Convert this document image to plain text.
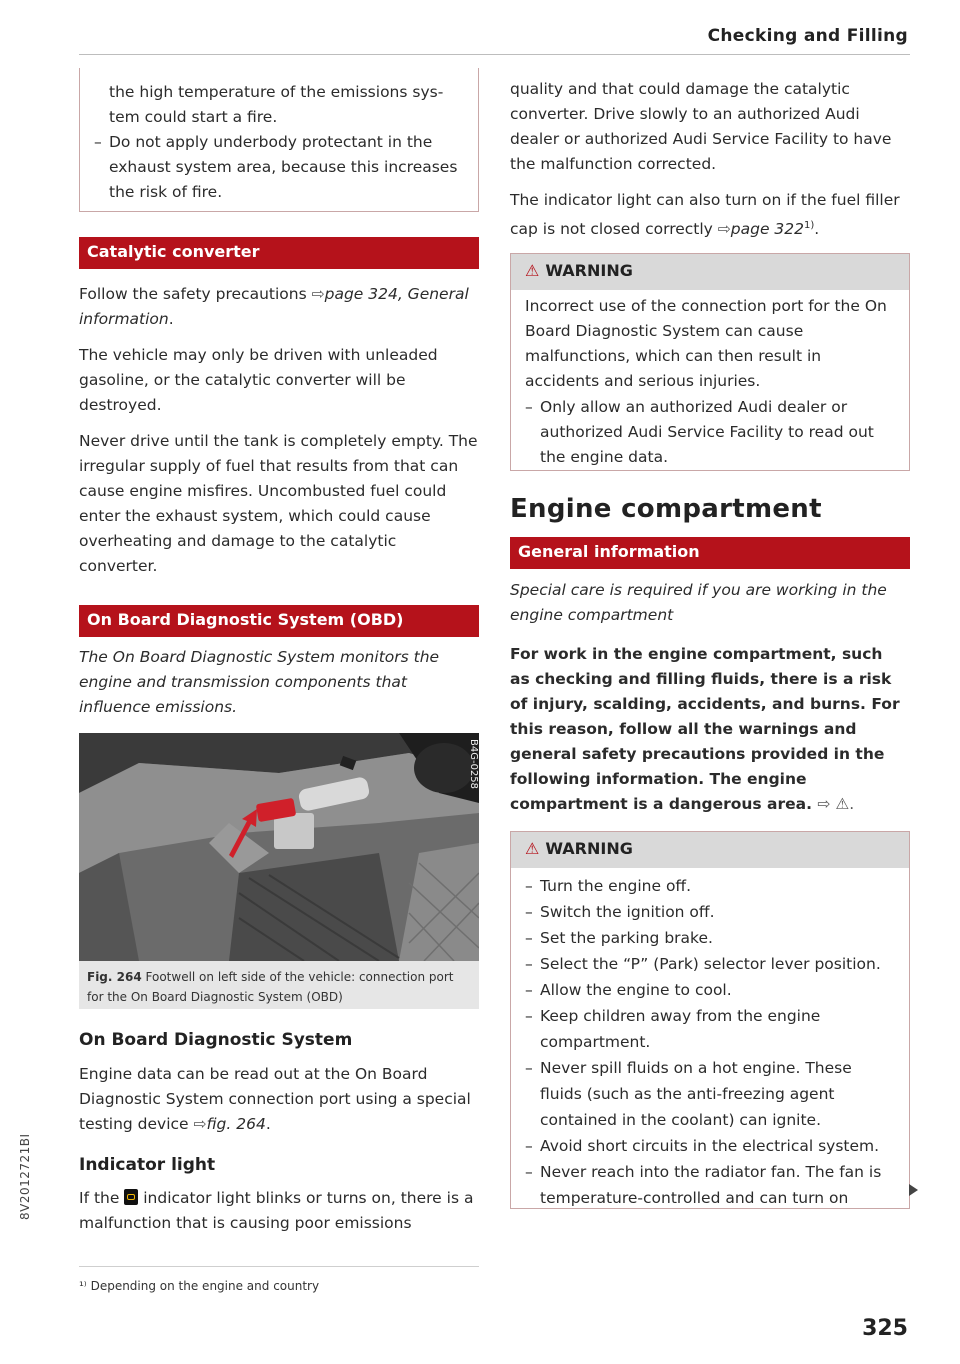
Checking and Filling

the high temperature of the emissions sys-

tem could start a fire.

– Do not apply underbody protectant in the exhaust system area, because this increases the risk of fire.
Catalytic converter

Follow the safety precautions ⇨page 324, General information.

The vehicle may only be driven with unleaded gasoline, or the catalytic converter will be destroyed.

Never drive until the tank is completely empty. The irregular supply of fuel that results from that can cause engine misfires. Uncombusted fuel could enter the exhaust system, which could cause overheating and damage to the catalytic converter.

On Board Diagnostic System (OBD)

The On Board Diagnostic System monitors the engine and transmission components that influence emissions.

B4G-0258
Fig. 264 Footwell on left side of the vehicle: connection port for the On Board Diagnostic System (OBD)
On Board Diagnostic System

Engine data can be read out at the On Board Diagnostic System connection port using a special testing device ⇨fig. 264.

Indicator light

If the  indicator light blinks or turns on, there is a malfunction that is causing poor emissions

¹⁾ Depending on the engine and country

quality and that could damage the catalytic converter. Drive slowly to an authorized Audi dealer or authorized Audi Service Facility to have the malfunction corrected.

The indicator light can also turn on if the fuel filler cap is not closed correctly ⇨page 322$^{1)}$.

⚠ WARNING

Incorrect use of the connection port for the On Board Diagnostic System can cause malfunctions, which can then result in accidents and serious injuries.

– Only allow an authorized Audi dealer or authorized Audi Service Facility to read out the engine data.
Engine compartment
General information

Special care is required if you are working in the engine compartment

For work in the engine compartment, such as checking and filling fluids, there is a risk of injury, scalding, accidents, and burns. For this reason, follow all the warnings and general safety precautions provided in the following information. The engine compartment is a dangerous area. ⇨ ⚠.

⚠ WARNING
– Turn the engine off.
– Switch the ignition off.
– Set the parking brake.
– Select the “P” (Park) selector lever position.
– Allow the engine to cool.
– Keep children away from the engine compartment.
– Never spill fluids on a hot engine. These fluids (such as the anti-freezing agent contained in the coolant) can ignite.
– Avoid short circuits in the electrical system.
– Never reach into the radiator fan. The fan is temperature-controlled and can turn on
325
8V2012721BI
